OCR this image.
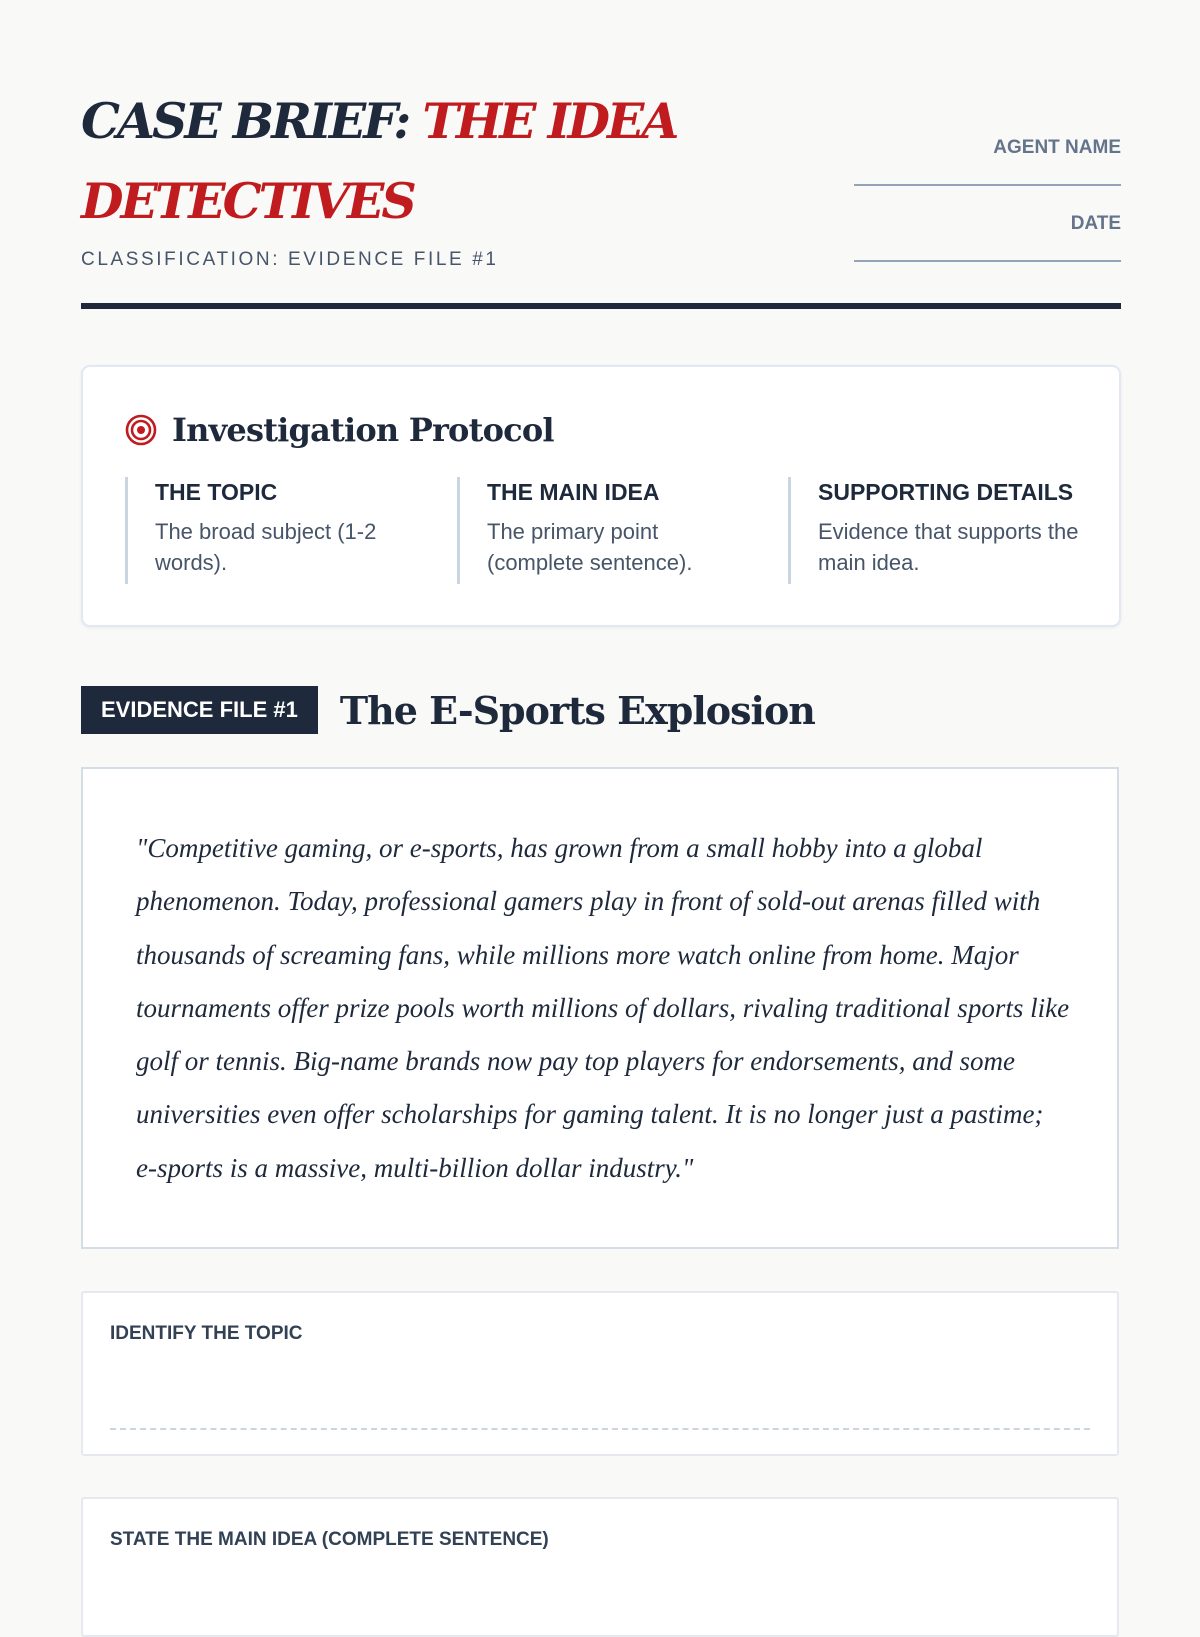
CASE BRIEF: THE IDEA
DETECTIVES
CLASSIFICATION: EVIDENCE FILE #1
AGENT NAME
DATE
Investigation Protocol
THE TOPIC
The broad subject (1-2 words).
THE MAIN IDEA
The primary point (complete sentence).
SUPPORTING DETAILS
Evidence that supports the main idea.
EVIDENCE FILE #1	The E-Sports Explosion

"Competitive gaming, or e-sports, has grown from a small hobby into a global phenomenon. Today, professional gamers play in front of sold-out arenas filled with thousands of screaming fans, while millions more watch online from home. Major tournaments offer prize pools worth millions of dollars, rivaling traditional sports like golf or tennis. Big-name brands now pay top players for endorsements, and some universities even offer scholarships for gaming talent. It is no longer just a pastime; e-sports is a massive, multi-billion dollar industry."

IDENTIFY THE TOPIC
STATE THE MAIN IDEA (COMPLETE SENTENCE)
